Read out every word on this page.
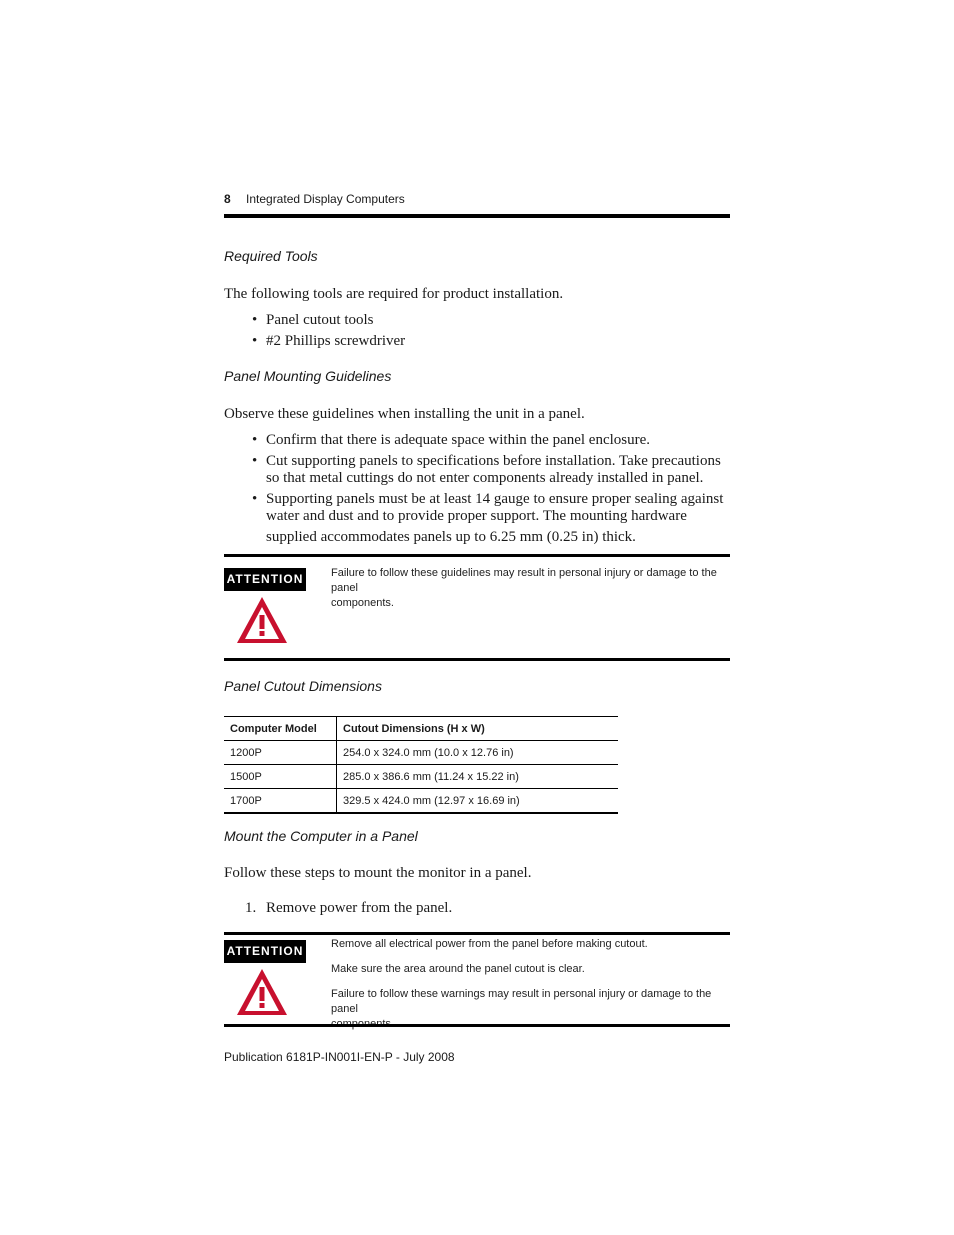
8 Integrated Display Computers
Required Tools
The following tools are required for product installation.
• Panel cutout tools
• #2 Phillips screwdriver
Panel Mounting Guidelines
Observe these guidelines when installing the unit in a panel.
• Confirm that there is adequate space within the panel enclosure.
• Cut supporting panels to specifications before installation. Take precautions
so that metal cuttings do not enter components already installed in panel.
• Supporting panels must be at least 14 gauge to ensure proper sealing against
water and dust and to provide proper support. The mounting hardware
supplied accommodates panels up to 6.25 mm (0.25 in) thick.
ATTENTION	Failure to follow these guidelines may result in personal injury or damage to the panel
components.
Panel Cutout Dimensions
Computer Model	Cutout Dimensions (H x W)
1200P	254.0 x 324.0 mm (10.0 x 12.76 in)
1500P	285.0 x 386.6 mm (11.24 x 15.22 in)
1700P	329.5 x 424.0 mm (12.97 x 16.69 in)
Mount the Computer in a Panel
Follow these steps to mount the monitor in a panel.
1. Remove power from the panel.
ATTENTION	Remove all electrical power from the panel before making cutout.
Make sure the area around the panel cutout is clear.
Failure to follow these warnings may result in personal injury or damage to the panel
Publication 6181P-IN001I-EN-P - July 2008
